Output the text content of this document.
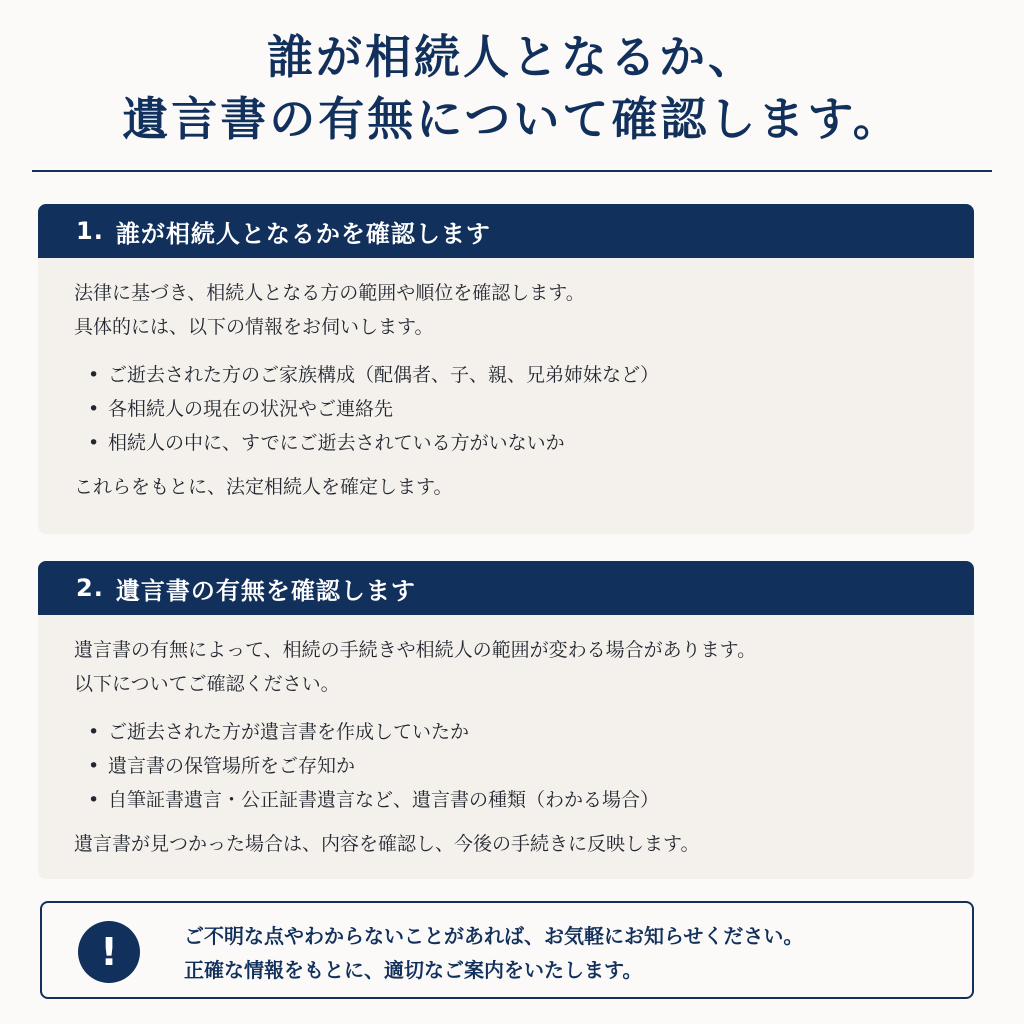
誰が相続人となるか、
遺言書の有無について確認します。
1. 誰が相続人となるかを確認します

法律に基づき、相続人となる方の範囲や順位を確認します。

具体的には、以下の情報をお伺いします。

• ご逝去された方のご家族構成（配偶者、子、親、兄弟姉妹など）
• 各相続人の現在の状況やご連絡先
• 相続人の中に、すでにご逝去されている方がいないか

これらをもとに、法定相続人を確定します。

2. 遺言書の有無を確認します

遺言書の有無によって、相続の手続きや相続人の範囲が変わる場合があります。

以下についてご確認ください。

• ご逝去された方が遺言書を作成していたか
• 遺言書の保管場所をご存知か
• 自筆証書遺言・公正証書遺言など、遺言書の種類（わかる場合）

遺言書が見つかった場合は、内容を確認し、今後の手続きに反映します。

!	ご不明な点やわからないことがあれば、お気軽にお知らせください。

正確な情報をもとに、適切なご案内をいたします。
